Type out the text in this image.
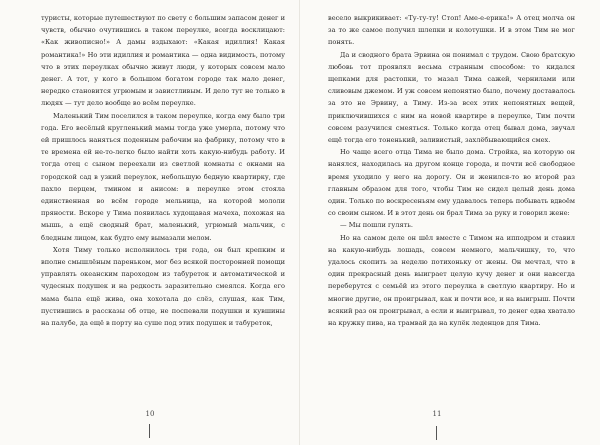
туристы, которые путешествуют по свету с большим запасом денег и чувств, обычно очутившись в таком переулке, всегда восклицают: «Как живописно!» А дамы вздыхают: «Какая идиллия! Какая романтика!» Но эти идиллия и романтика — одна видимость, потому что в этих переулках обычно живут люди, у которых совсем мало денег. А тот, у кого в большом богатом городе так мало денег, нередко становится угрюмым и завистливым. И дело тут не только в людях — тут дело вообще во всём переулке.

Маленький Тим поселился в таком переулке, когда ему было три года. Его весёлый кругленький мамы тогда уже умерла, потому что ей пришлось наняться поденным рабочим на фабрику, потому что в те времена ей не-то-легко было найти хоть какую-нибудь работу. И тогда отец с сыном переехали из светлой комнаты с окнами на городской сад в узкий переулок, небольшую бедную квартирку, где пахло перцем, тмином и анисом: в переулке этом стояла единственная во всём городе мельница, на которой мололи пряности. Вскоре у Тима появилась худощавая мачеха, похожая на мышь, а ещё сводный брат, маленький, угрюмый мальчик, с бледным лицом, как будто ему вымазали мелом.

Хотя Тиму только исполнилось три года, он был крепким и вполне смышлёным пареньком, мог без всякой посторонней помощи управлять океанским пароходом из табуреток и автоматической и чудесных подушек и на редкость заразительно смеялся. Когда его мама была ещё жива, она хохотала до слёз, слушая, как Тим, пустившись в рассказы об отце, не поспевали подушки и кувшины на палубе, да ещё в порту на суше под этих подушек и табуреток,

10

весело выкрикивает: «Ту-ту-ту! Стоп! Аме-е-ерика!» А отец молча он за то же самое получил шлепки и колотушки. И в этом Тим не мог понять.

Да и сводного брата Эрвина он понимал с трудом. Свою братскую любовь тот проявлял весьма странным способом: то кидался щепками для растопки, то мазал Тима сажей, чернилами или сливовым джемом. И уж совсем непонятно было, почему доставалось за это не Эрвину, а Тиму. Из-за всех этих непонятных вещей, приключившихся с ним на новой квартире в переулке, Тим почти совсем разучился смеяться. Только когда отец бывал дома, звучал ещё тогда его тоненький, заливистый, захлёбывающийся смех.

Но чаще всего отца Тима не было дома. Стройка, на которую он нанялся, находилась на другом конце города, и почти всё свободное время уходило у него на дорогу. Он и женился-то во второй раз главным образом для того, чтобы Тим не сидел целый день дома один. Только по воскресеньям ему удавалось теперь побывать вдвоём со своим сыном. И в этот день он брал Тима за руку и говорил жене:

— Мы пошли гулять.

Но на самом деле он шёл вместе с Тимом на ипподром и ставил на какую-нибудь лошадь, совсем немного, мальчишку, то, что удалось скопить за неделю потихоньку от жены. Он мечтал, что в один прекрасный день выиграет целую кучу денег и они навсегда переберутся с семьёй из этого переулка в светлую квартиру. Но и многие другие, он проигрывал, как и почти все, и на выигрыш. Почти всякий раз он проигрывал, а если и выигрывал, то денег едва хватало на кружку пива, на трамвай да на кулёк леденцов для Тима.

11
